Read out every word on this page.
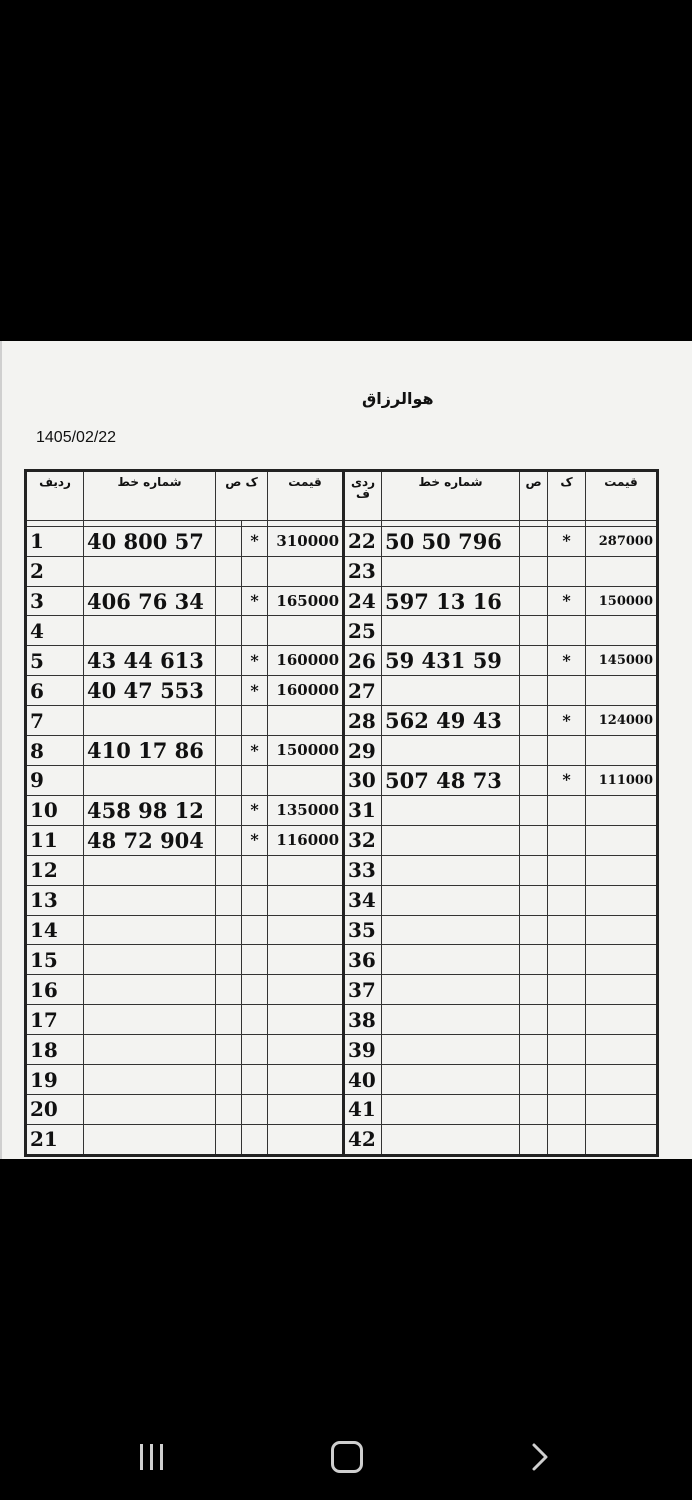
هوالرزاق
1405/02/22
ردیف	شماره خط	ک ص		قیمت	ردی ف	شماره خط	ص	ک	قیمت

1	40 800 57		*	310000	22	50 50 796		*	287000
2					23				
3	406 76 34		*	165000	24	597 13 16		*	150000
4					25				
5	43 44 613		*	160000	26	59 431 59		*	145000
6	40 47 553		*	160000	27				
7					28	562 49 43		*	124000
8	410 17 86		*	150000	29				
9					30	507 48 73		*	111000
10	458 98 12		*	135000	31				
11	48 72 904		*	116000	32				
12					33				
13					34				
14					35				
15					36				
16					37				
17					38				
18					39				
19					40				
20					41				
21					42				
